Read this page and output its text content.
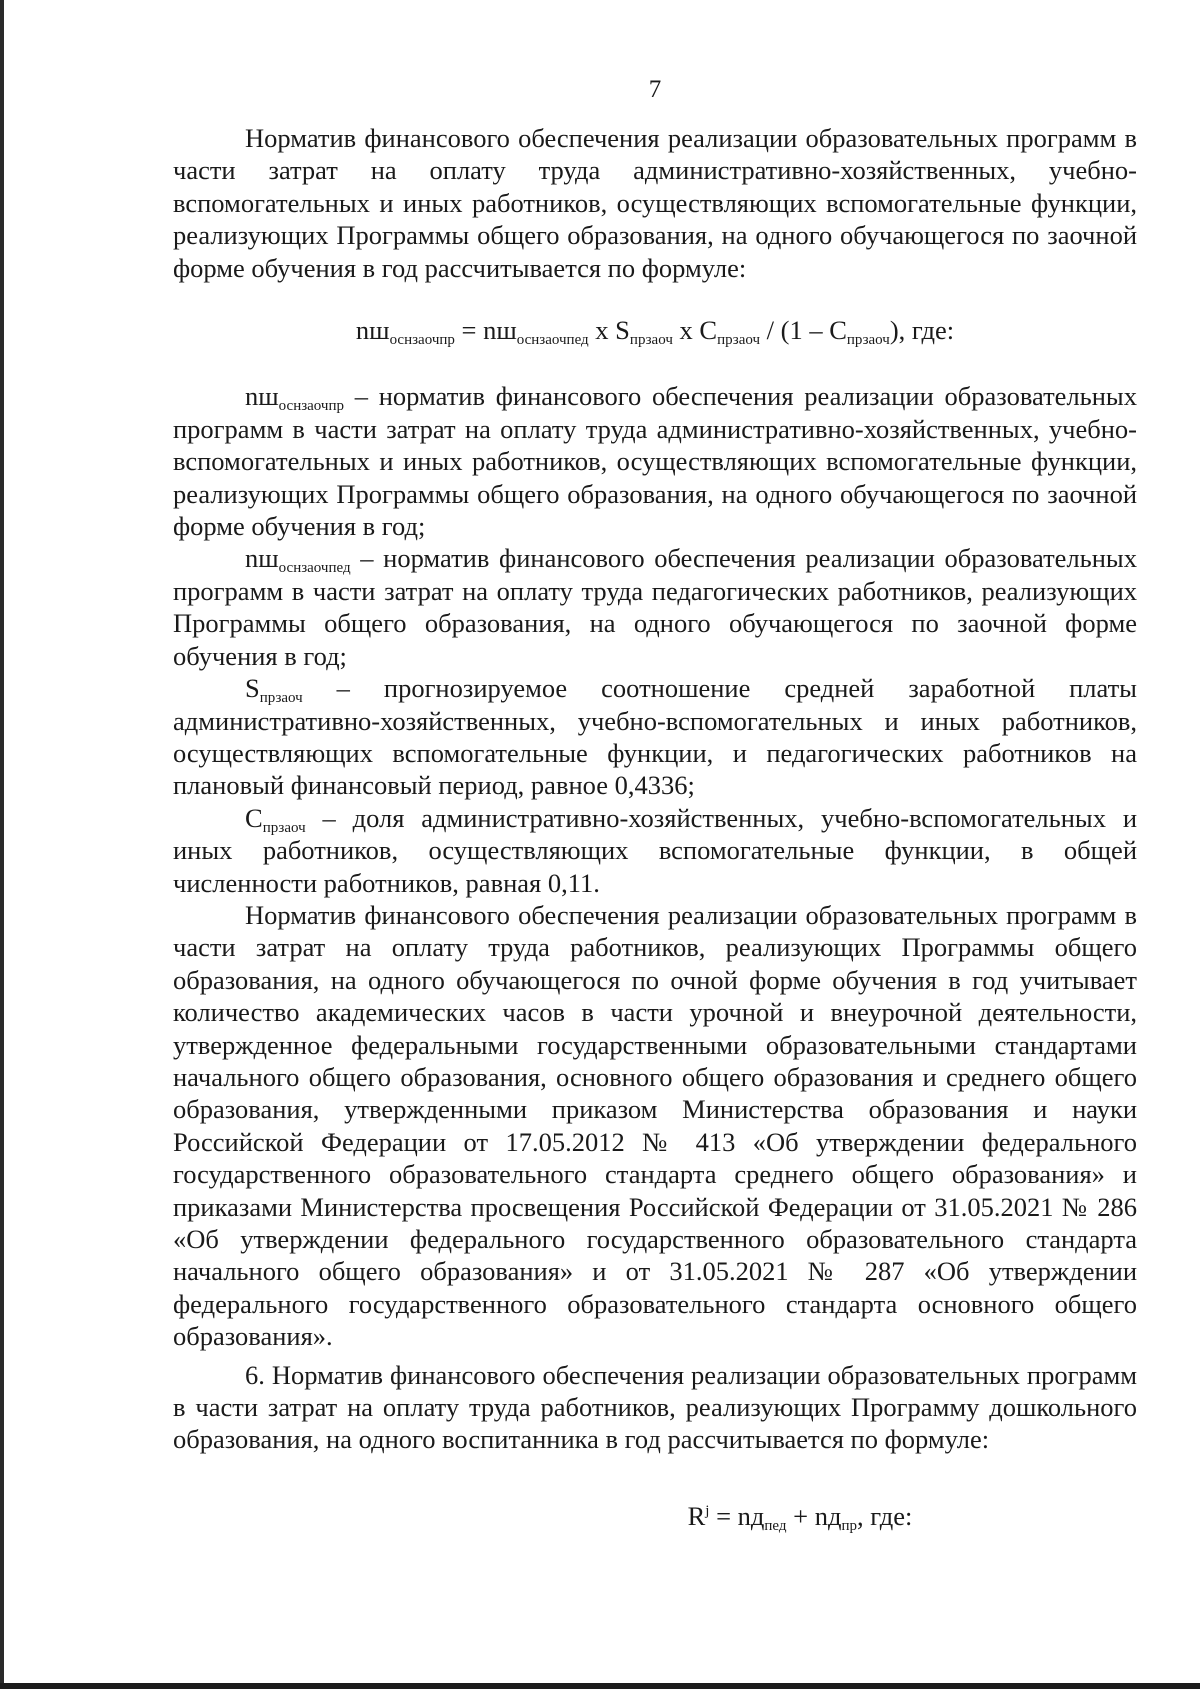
7

Норматив финансового обеспечения реализации образовательных программ в части затрат на оплату труда административно-хозяйственных, учебно-вспомогательных и иных работников, осуществляющих вспомогательные функции, реализующих Программы общего образования, на одного обучающегося по заочной форме обучения в год рассчитывается по формуле:

$nш_{оснзаочпр} = nш_{оснзаочпед}$ x $S_{прзаоч}$ x $C_{прзаоч} / (1 - C_{прзаоч})$, где:

$nш_{оснзаочпр}$ – норматив финансового обеспечения реализации образовательных программ в части затрат на оплату труда административно-хозяйственных, учебно-вспомогательных и иных работников, осуществляющих вспомогательные функции, реализующих Программы общего образования, на одного обучающегося по заочной форме обучения в год;

$nш_{оснзаочпед}$ – норматив финансового обеспечения реализации образовательных программ в части затрат на оплату труда педагогических работников, реализующих Программы общего образования, на одного обучающегося по заочной форме обучения в год;

$S_{прзаоч}$ – прогнозируемое соотношение средней заработной платы административно-хозяйственных, учебно-вспомогательных и иных работников, осуществляющих вспомогательные функции, и педагогических работников на плановый финансовый период, равное 0,4336;

$C_{прзаоч}$ – доля административно-хозяйственных, учебно-вспомогательных и иных работников, осуществляющих вспомогательные функции, в общей численности работников, равная 0,11.

Норматив финансового обеспечения реализации образовательных программ в части затрат на оплату труда работников, реализующих Программы общего образования, на одного обучающегося по очной форме обучения в год учитывает количество академических часов в части урочной и внеурочной деятельности, утвержденное федеральными государственными образовательными стандартами начального общего образования, основного общего образования и среднего общего образования, утвержденными приказом Министерства образования и науки Российской Федерации от 17.05.2012 № 413 «Об утверждении федерального государственного образовательного стандарта среднего общего образования» и приказами Министерства просвещения Российской Федерации от 31.05.2021 № 286 «Об утверждении федерального государственного образовательного стандарта начального общего образования» и от 31.05.2021 № 287 «Об утверждении федерального государственного образовательного стандарта основного общего образования».

6. Норматив финансового обеспечения реализации образовательных программ в части затрат на оплату труда работников, реализующих Программу дошкольного образования, на одного воспитанника в год рассчитывается по формуле:

$R^j = nд_{пед} + nд_{пр}$, где:
